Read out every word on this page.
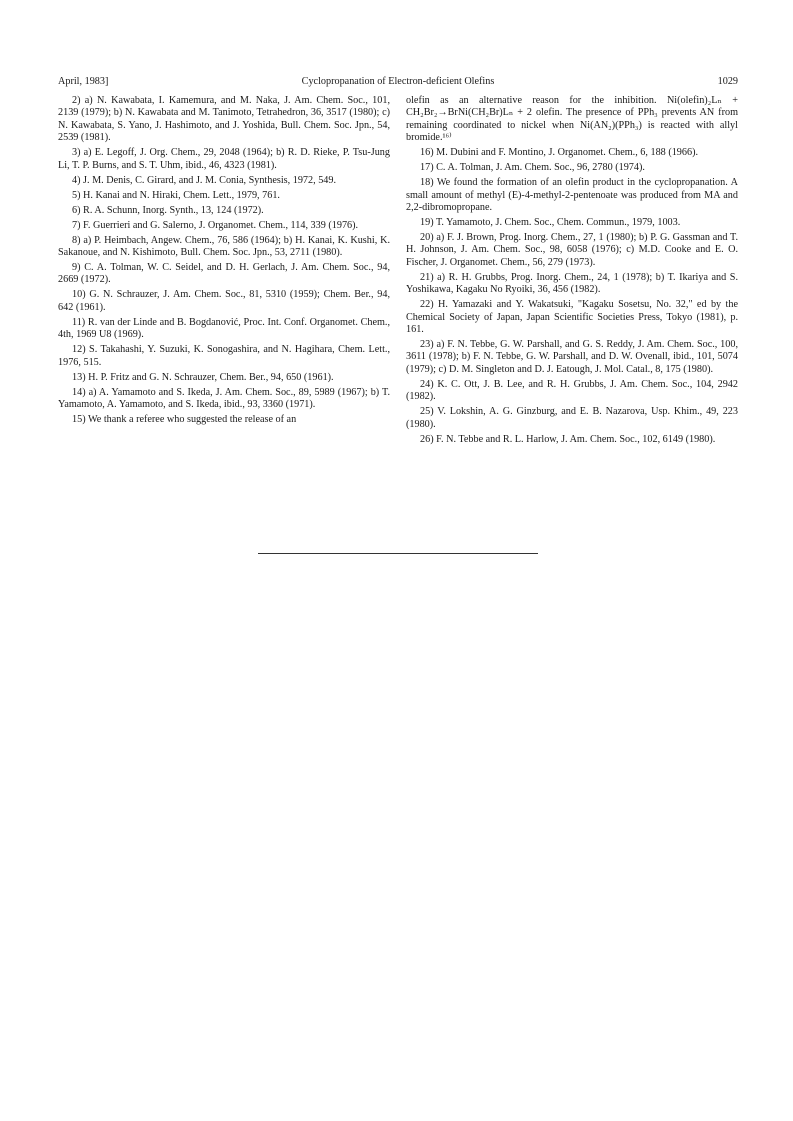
Cyclopropanation of Electron-deficient Olefins
April, 1983]	1029

2) a) N. Kawabata, I. Kamemura, and M. Naka, J. Am. Chem. Soc., 101, 2139 (1979); b) N. Kawabata and M. Tanimoto, Tetrahedron, 36, 3517 (1980); c) N. Kawabata, S. Yano, J. Hashimoto, and J. Yoshida, Bull. Chem. Soc. Jpn., 54, 2539 (1981).

3) a) E. Legoff, J. Org. Chem., 29, 2048 (1964); b) R. D. Rieke, P. Tsu-Jung Li, T. P. Burns, and S. T. Uhm, ibid., 46, 4323 (1981).

4) J. M. Denis, C. Girard, and J. M. Conia, Synthesis, 1972, 549.

5) H. Kanai and N. Hiraki, Chem. Lett., 1979, 761.

6) R. A. Schunn, Inorg. Synth., 13, 124 (1972).

7) F. Guerrieri and G. Salerno, J. Organomet. Chem., 114, 339 (1976).

8) a) P. Heimbach, Angew. Chem., 76, 586 (1964); b) H. Kanai, K. Kushi, K. Sakanoue, and N. Kishimoto, Bull. Chem. Soc. Jpn., 53, 2711 (1980).

9) C. A. Tolman, W. C. Seidel, and D. H. Gerlach, J. Am. Chem. Soc., 94, 2669 (1972).

10) G. N. Schrauzer, J. Am. Chem. Soc., 81, 5310 (1959); Chem. Ber., 94, 642 (1961).

11) R. van der Linde and B. Bogdanović, Proc. Int. Conf. Organomet. Chem., 4th, 1969 U8 (1969).

12) S. Takahashi, Y. Suzuki, K. Sonogashira, and N. Hagihara, Chem. Lett., 1976, 515.

13) H. P. Fritz and G. N. Schrauzer, Chem. Ber., 94, 650 (1961).

14) a) A. Yamamoto and S. Ikeda, J. Am. Chem. Soc., 89, 5989 (1967); b) T. Yamamoto, A. Yamamoto, and S. Ikeda, ibid., 93, 3360 (1971).

15) We thank a referee who suggested the release of an

olefin as an alternative reason for the inhibition. Ni(olefin)₂Lₙ + CH₂Br₂→BrNi(CH₂Br)Lₙ + 2 olefin. The presence of PPh₃ prevents AN from remaining coordinated to nickel when Ni(AN₂)(PPh₃) is reacted with allyl bromide.¹⁶⁾

16) M. Dubini and F. Montino, J. Organomet. Chem., 6, 188 (1966).

17) C. A. Tolman, J. Am. Chem. Soc., 96, 2780 (1974).

18) We found the formation of an olefin product in the cyclopropanation. A small amount of methyl (E)-4-methyl-2-pentenoate was produced from MA and 2,2-dibromopropane.

19) T. Yamamoto, J. Chem. Soc., Chem. Commun., 1979, 1003.

20) a) F. J. Brown, Prog. Inorg. Chem., 27, 1 (1980); b) P. G. Gassman and T. H. Johnson, J. Am. Chem. Soc., 98, 6058 (1976); c) M.D. Cooke and E. O. Fischer, J. Organomet. Chem., 56, 279 (1973).

21) a) R. H. Grubbs, Prog. Inorg. Chem., 24, 1 (1978); b) T. Ikariya and S. Yoshikawa, Kagaku No Ryoiki, 36, 456 (1982).

22) H. Yamazaki and Y. Wakatsuki, "Kagaku Sosetsu, No. 32," ed by the Chemical Society of Japan, Japan Scientific Societies Press, Tokyo (1981), p. 161.

23) a) F. N. Tebbe, G. W. Parshall, and G. S. Reddy, J. Am. Chem. Soc., 100, 3611 (1978); b) F. N. Tebbe, G. W. Parshall, and D. W. Ovenall, ibid., 101, 5074 (1979); c) D. M. Singleton and D. J. Eatough, J. Mol. Catal., 8, 175 (1980).

24) K. C. Ott, J. B. Lee, and R. H. Grubbs, J. Am. Chem. Soc., 104, 2942 (1982).

25) V. Lokshin, A. G. Ginzburg, and E. B. Nazarova, Usp. Khim., 49, 223 (1980).

26) F. N. Tebbe and R. L. Harlow, J. Am. Chem. Soc., 102, 6149 (1980).
